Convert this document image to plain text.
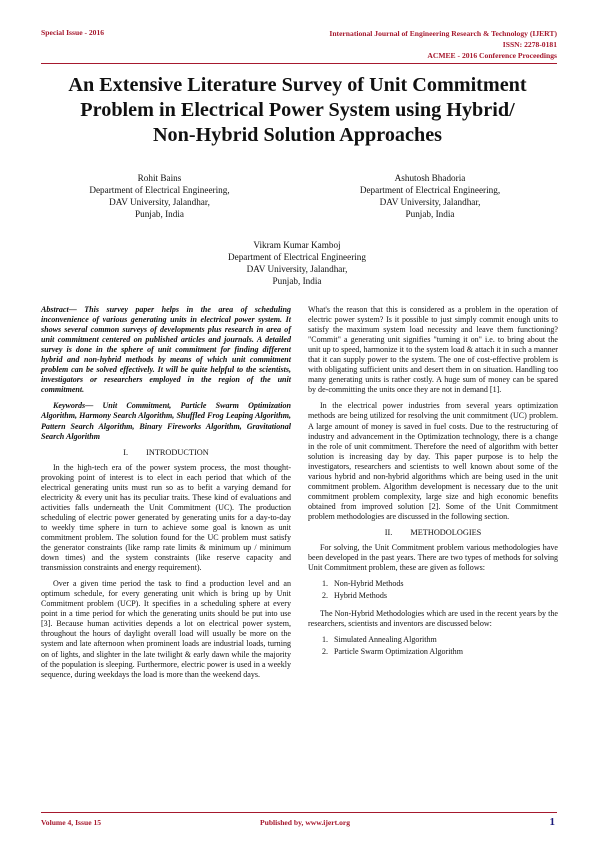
Special Issue - 2016	International Journal of Engineering Research & Technology (IJERT)
ISSN: 2278-0181
ACMEE - 2016 Conference Proceedings
An Extensive Literature Survey of Unit Commitment Problem in Electrical Power System using Hybrid/ Non-Hybrid Solution Approaches
Rohit Bains
Department of Electrical Engineering,
DAV University, Jalandhar,
Punjab, India
Ashutosh Bhadoria
Department of Electrical Engineering,
DAV University, Jalandhar,
Punjab, India
Vikram Kumar Kamboj
Department of Electrical Engineering
DAV University, Jalandhar,
Punjab, India

Abstract— This survey paper helps in the area of scheduling inconvenience of various generating units in electrical power system. It shows several common surveys of developments plus research in area of unit commitment centered on published articles and journals. A detailed survey is done in the sphere of unit commitment for finding different hybrid and non-hybrid methods by means of which unit commitment problem can be solved effectively. It will be quite helpful to the scientists, investigators or researchers employed in the region of the unit commitment.

Keywords— Unit Commitment, Particle Swarm Optimization Algorithm, Harmony Search Algorithm, Shuffled Frog Leaping Algorithm, Pattern Search Algorithm, Binary Fireworks Algorithm, Gravitational Search Algorithm

I. INTRODUCTION

In the high-tech era of the power system process, the most thought-provoking point of interest is to elect in each period that which of the electrical generating units must run so as to befit a varying demand for electricity & every unit has its peculiar traits. These kind of evaluations and activities falls underneath the Unit Commitment (UC). The production scheduling of electric power generated by generating units for a day-to-day to weekly time sphere in turn to achieve some goal is known as unit commitment problem. The solution found for the UC problem must satisfy the generator constraints (like ramp rate limits & minimum up / minimum down times) and the system constraints (like reserve capacity and transmission constraints and energy requirement).

Over a given time period the task to find a production level and an optimum schedule, for every generating unit which is bring up by Unit Commitment problem (UCP). It specifies in a scheduling sphere at every point in a time period for which the generating units should be put into use [3]. Because human activities depends a lot on electrical power system, throughout the hours of daylight overall load will usually be more on the system and late afternoon when prominent loads are industrial loads, turning on of lights, and slighter in the late twilight & early dawn while the majority of the population is sleeping. Furthermore, electric power is used in a weekly sequence, during weekdays the load is more than the weekend days.

What's the reason that this is considered as a problem in the operation of electric power system? Is it possible to just simply commit enough units to satisfy the maximum system load necessity and leave them functioning? "Commit" a generating unit signifies "turning it on" i.e. to bring about the unit up to speed, harmonize it to the system load & attach it in such a manner that it can supply power to the system. The one of cost-effective problem is with obligating sufficient units and desert them in on situation. Handling too many generating units is rather costly. A huge sum of money can be spared by de-committing the units once they are not in demand [1].

In the electrical power industries from several years optimization methods are being utilized for resolving the unit commitment (UC) problem. A large amount of money is saved in fuel costs. Due to the restructuring of industry and advancement in the Optimization technology, there is a change in the role of unit commitment. Therefore the need of algorithm with better solution is increasing day by day. This paper purpose is to help the investigators, researchers and scientists to well known about some of the various hybrid and non-hybrid algorithms which are being used in the unit commitment problem. Algorithm development is necessary due to the unit commitment problem complexity, large size and high economic benefits obtained from improved solution [2]. Some of the Unit Commitment problem methodologies are discussed in the following section.

II. METHODOLOGIES

For solving, the Unit Commitment problem various methodologies have been developed in the past years. There are two types of methods for solving Unit Commitment problem, these are given as follows:

1. Non-Hybrid Methods
2. Hybrid Methods

The Non-Hybrid Methodologies which are used in the recent years by the researchers, scientists and inventors are discussed below:

1. Simulated Annealing Algorithm
2. Particle Swarm Optimization Algorithm
Volume 4, Issue 15	Published by, www.ijert.org	1
